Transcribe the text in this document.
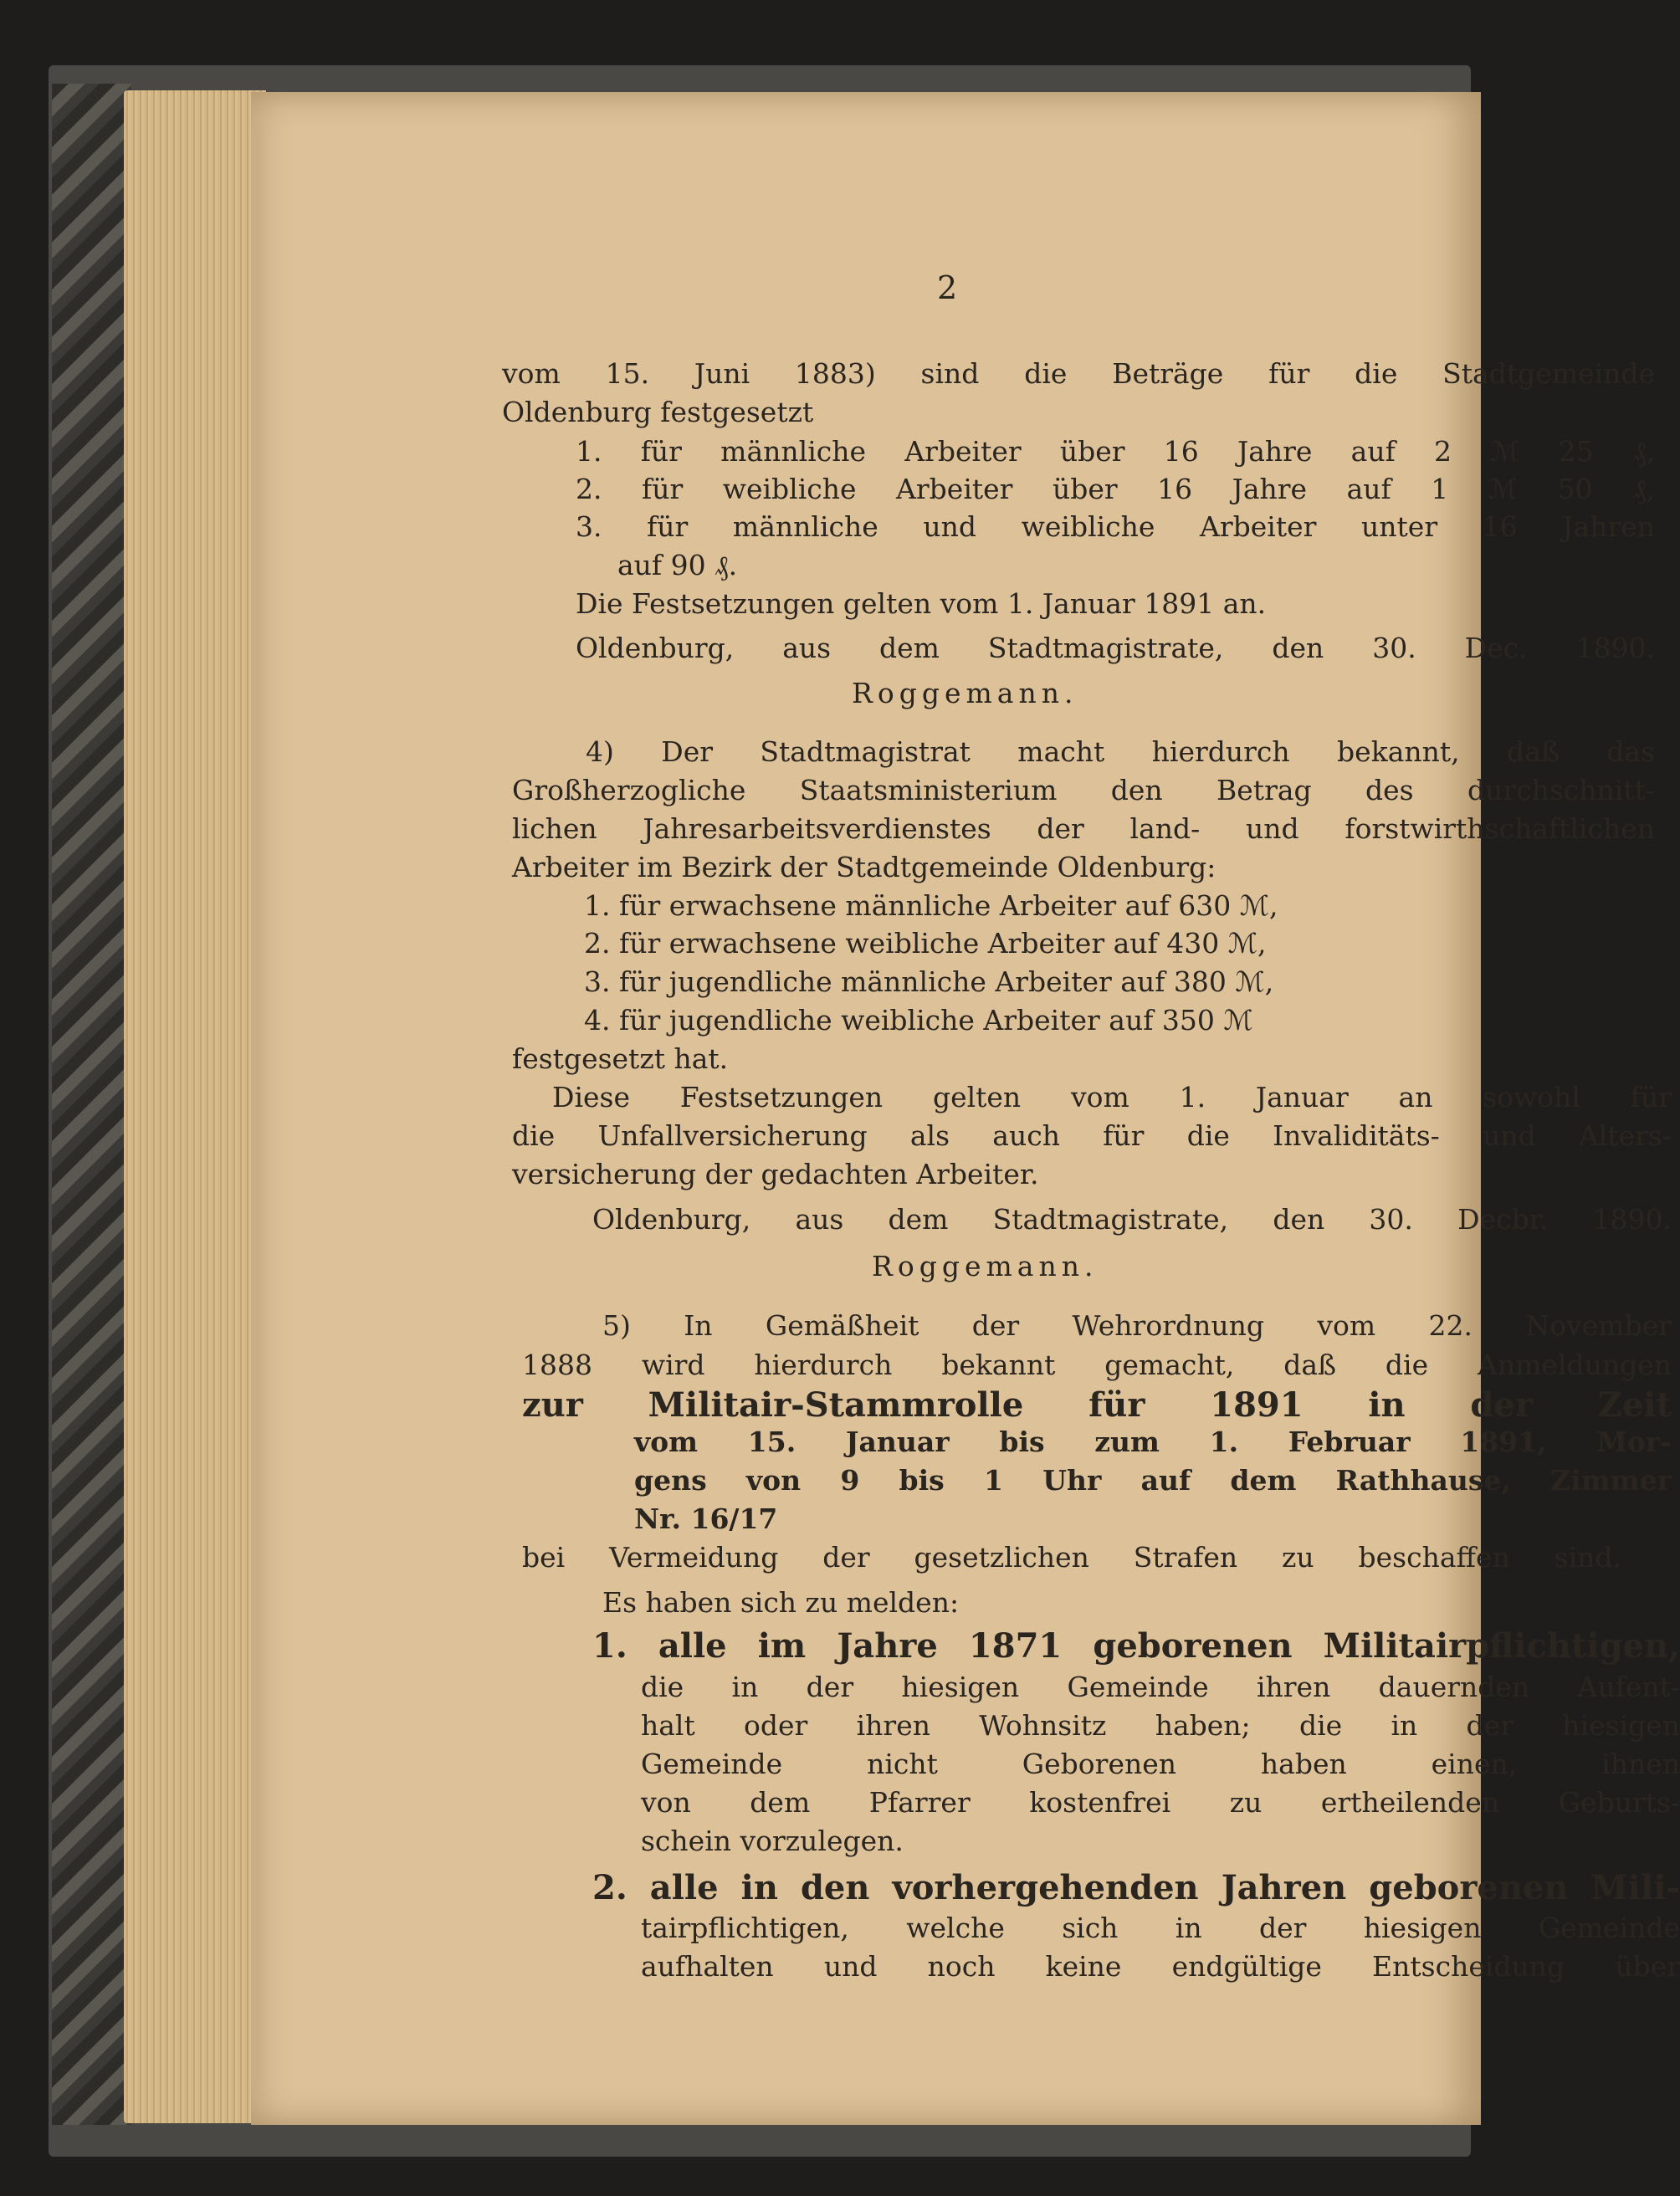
2
vom 15. Juni 1883) sind die Beträge für die Stadtgemeinde
Oldenburg festgesetzt
1. für männliche Arbeiter über 16 Jahre auf 2 ℳ 25 ₰,
2. für weibliche Arbeiter über 16 Jahre auf 1 ℳ 50 ₰,
3. für männliche und weibliche Arbeiter unter 16 Jahren
auf 90 ₰.
Die Festsetzungen gelten vom 1. Januar 1891 an.
Oldenburg, aus dem Stadtmagistrate, den 30. Dec. 1890.
Roggemann.
4) Der Stadtmagistrat macht hierdurch bekannt, daß das
Großherzogliche Staatsministerium den Betrag des durchschnitt-
lichen Jahresarbeitsverdienstes der land- und forstwirthschaftlichen
Arbeiter im Bezirk der Stadtgemeinde Oldenburg:
1. für erwachsene männliche Arbeiter auf 630 ℳ,
2. für erwachsene weibliche Arbeiter auf 430 ℳ,
3. für jugendliche männliche Arbeiter auf 380 ℳ,
4. für jugendliche weibliche Arbeiter auf 350 ℳ
festgesetzt hat.
Diese Festsetzungen gelten vom 1. Januar an sowohl für
die Unfallversicherung als auch für die Invaliditäts- und Alters-
versicherung der gedachten Arbeiter.
Oldenburg, aus dem Stadtmagistrate, den 30. Decbr. 1890.
Roggemann.
5) In Gemäßheit der Wehrordnung vom 22. November
1888 wird hierdurch bekannt gemacht, daß die Anmeldungen
zur Militair-Stammrolle für 1891 in der Zeit
vom 15. Januar bis zum 1. Februar 1891, Mor-
gens von 9 bis 1 Uhr auf dem Rathhause, Zimmer
Nr. 16/17
bei Vermeidung der gesetzlichen Strafen zu beschaffen sind.
Es haben sich zu melden:
1. alle im Jahre 1871 geborenen Militairpflichtigen,
die in der hiesigen Gemeinde ihren dauernden Aufent-
halt oder ihren Wohnsitz haben; die in der hiesigen
Gemeinde nicht Geborenen haben einen, ihnen
von dem Pfarrer kostenfrei zu ertheilenden Geburts-
schein vorzulegen.
2. alle in den vorhergehenden Jahren geborenen Mili-
tairpflichtigen, welche sich in der hiesigen Gemeinde
aufhalten und noch keine endgültige Entscheidung über
